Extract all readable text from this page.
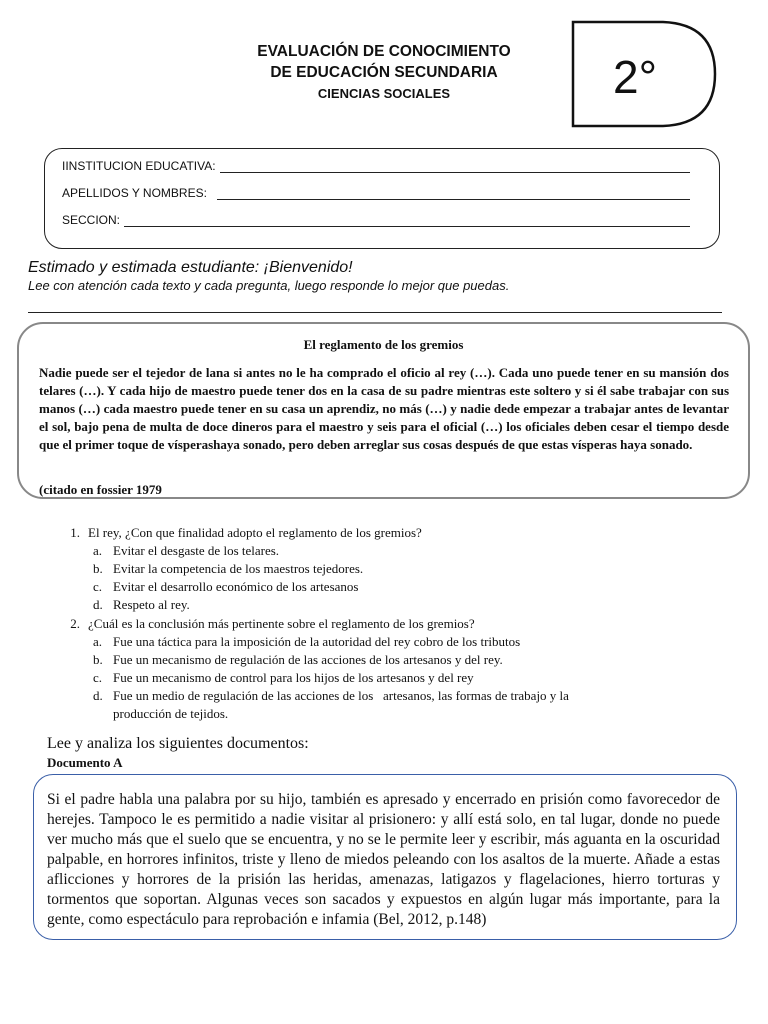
EVALUACIÓN DE CONOCIMIENTO
DE EDUCACIÓN SECUNDARIA
CIENCIAS SOCIALES	2°
IINSTITUCION EDUCATIVA:
APELLIDOS Y NOMBRES:
SECCION:
Estimado y estimada estudiante: ¡Bienvenido!
Lee con atención cada texto y cada pregunta, luego responde lo mejor que puedas.
El reglamento de los gremios
Nadie puede ser el tejedor de lana si antes no le ha comprado el oficio al rey (…). Cada uno puede tener en su mansión dos telares (…). Y cada hijo de maestro puede tener dos en la casa de su padre mientras este soltero y si él sabe trabajar con sus manos (…) cada maestro puede tener en su casa un aprendiz, no más (…) y nadie dede empezar a trabajar antes de levantar el sol, bajo pena de multa de doce dineros para el maestro y seis para el oficial (…) los oficiales deben cesar el tiempo desde que el primer toque de vísperashaya sonado, pero deben arreglar sus cosas después de que estas vísperas haya sonado.
(citado en fossier 1979
1. El rey, ¿Con que finalidad adopto el reglamento de los gremios?
a. Evitar el desgaste de los telares.
b. Evitar la competencia de los maestros tejedores.
c. Evitar el desarrollo económico de los artesanos
d. Respeto al rey.
2. ¿Cuál es la conclusión más pertinente sobre el reglamento de los gremios?
a. Fue una táctica para la imposición de la autoridad del rey cobro de los tributos
b. Fue un mecanismo de regulación de las acciones de los artesanos y del rey.
c. Fue un mecanismo de control para los hijos de los artesanos y del rey
d. Fue un medio de regulación de las acciones de los   artesanos, las formas de trabajo y la
producción de tejidos.
Lee y analiza los siguientes documentos:
Documento A
Si el padre habla una palabra por su hijo, también es apresado y encerrado en prisión como favorecedor de herejes. Tampoco le es permitido a nadie visitar al prisionero: y allí está solo, en tal lugar, donde no puede ver mucho más que el suelo que se encuentra, y no se le permite leer y escribir, más aguanta en la oscuridad palpable, en horrores infinitos, triste y lleno de miedos peleando con los asaltos de la muerte. Añade a estas aflicciones y horrores de la prisión las heridas, amenazas, latigazos y flagelaciones, hierro torturas y tormentos que soportan. Algunas veces son sacados y expuestos en algún lugar más importante, para la gente, como espectáculo para reprobación e infamia (Bel, 2012, p.148)
